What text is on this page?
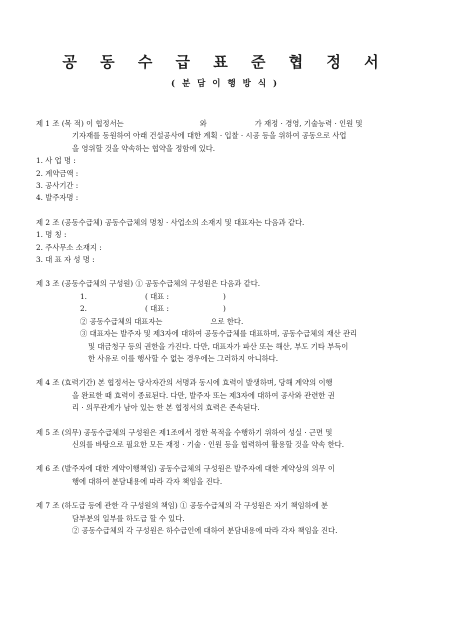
공 동 수 급 표 준 협 정 서
( 분 담 이 행 방 식 )
제 1 조 (목 적) 이 협정서는	와	가 재정 · 경영, 기술능력 · 인원 및
기자재를 동원하여 아래 건설공사에 대한 계획 · 입찰 · 시공 등을 위하여 공동으로 사업
을 영위할 것을 약속하는 협약을 정함에 있다.
1. 사 업 명 :
2. 계약금액 :
3. 공사기간 :
4. 발주자명 :
제 2 조 (공동수급체) 공동수급체의 명칭 · 사업소의 소재지 및 대표자는 다음과 같다.
1. 명 칭 :
2. 주사무소 소재지 :
3. 대 표 자 성 명 :
제 3 조 (공동수급체의 구성원) ① 공동수급체의 구성원은 다음과 같다.
1.	( 대표 :	)
2.	( 대표 :	)
② 공동수급체의 대표자는	으로 한다.
③ 대표자는 발주자 및 제3자에 대하여 공동수급체를 대표하며, 공동수급체의 재산 관리
및 대금청구 등의 권한을 가진다. 다만, 대표자가 파산 또는 해산, 부도 기타 부득이
한 사유로 이를 행사할 수 없는 경우에는 그러하지 아니하다.
제 4 조 (효력기간) 본 협정서는 당사자간의 서명과 동시에 효력이 발생하며, 당해 계약의 이행
을 완료한 때 효력이 종료된다. 다만, 발주자 또는 제3자에 대하여 공사와 관련한 권
리 · 의무관계가 남아 있는 한 본 협정서의 효력은 존속된다.
제 5 조 (의무) 공동수급체의 구성원은 제1조에서 정한 목적을 수행하기 위하여 성실 · 근면 및
신의를 바탕으로 필요한 모든 재정 · 기술 · 인원 등을 협력하여 활용할 것을 약속 한다.
제 6 조 (발주자에 대한 계약이행책임) 공동수급체의 구성원은 발주자에 대한 계약상의 의무 이
행에 대하여 분담내용에 따라 각자 책임을 진다.
제 7 조 (하도급 등에 관한 각 구성원의 책임) ① 공동수급체의 각 구성원은 자기 책임하에 분
담부분의 일부를 하도급 할 수 있다.
② 공동수급체의 각 구성원은 하수급인에 대하여 분담내용에 따라 각자 책임을 진다.
